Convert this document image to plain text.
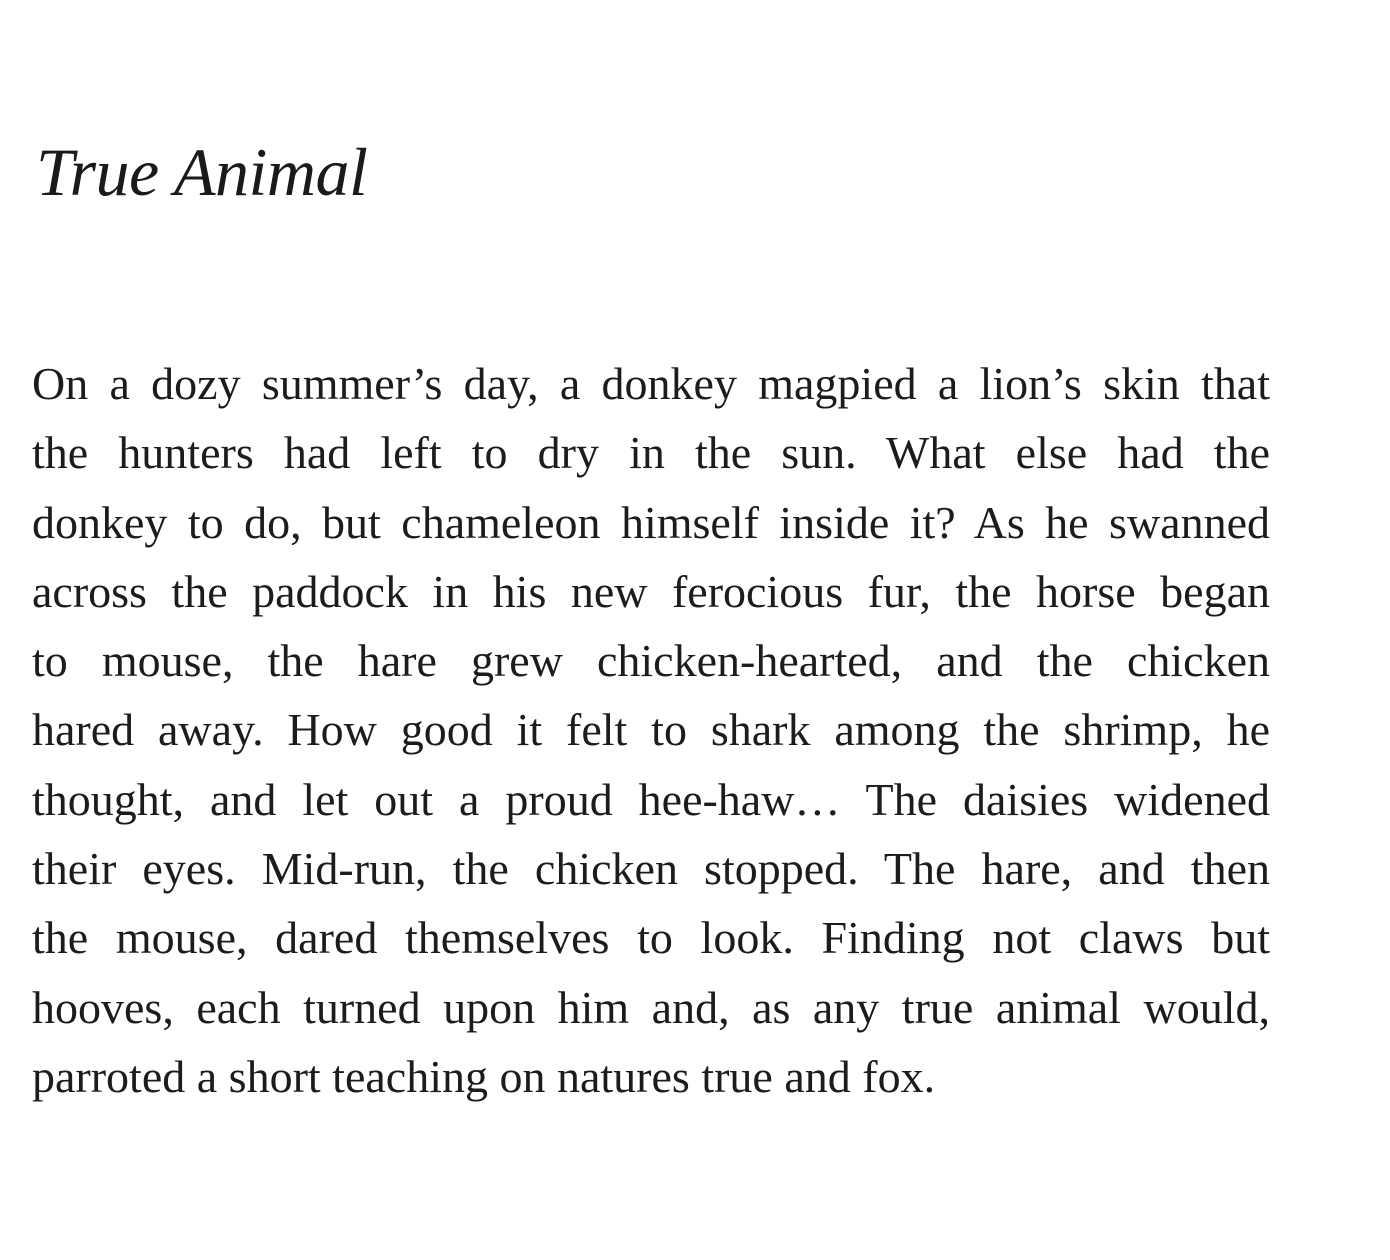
True Animal
On a dozy summer’s day, a donkey magpied a lion’s skin that
the hunters had left to dry in the sun. What else had the
donkey to do, but chameleon himself inside it? As he swanned
across the paddock in his new ferocious fur, the horse began
to mouse, the hare grew chicken-hearted, and the chicken
hared away. How good it felt to shark among the shrimp, he
thought, and let out a proud hee-haw… The daisies widened
their eyes. Mid-run, the chicken stopped. The hare, and then
the mouse, dared themselves to look. Finding not claws but
hooves, each turned upon him and, as any true animal would,
parroted a short teaching on natures true and fox.
